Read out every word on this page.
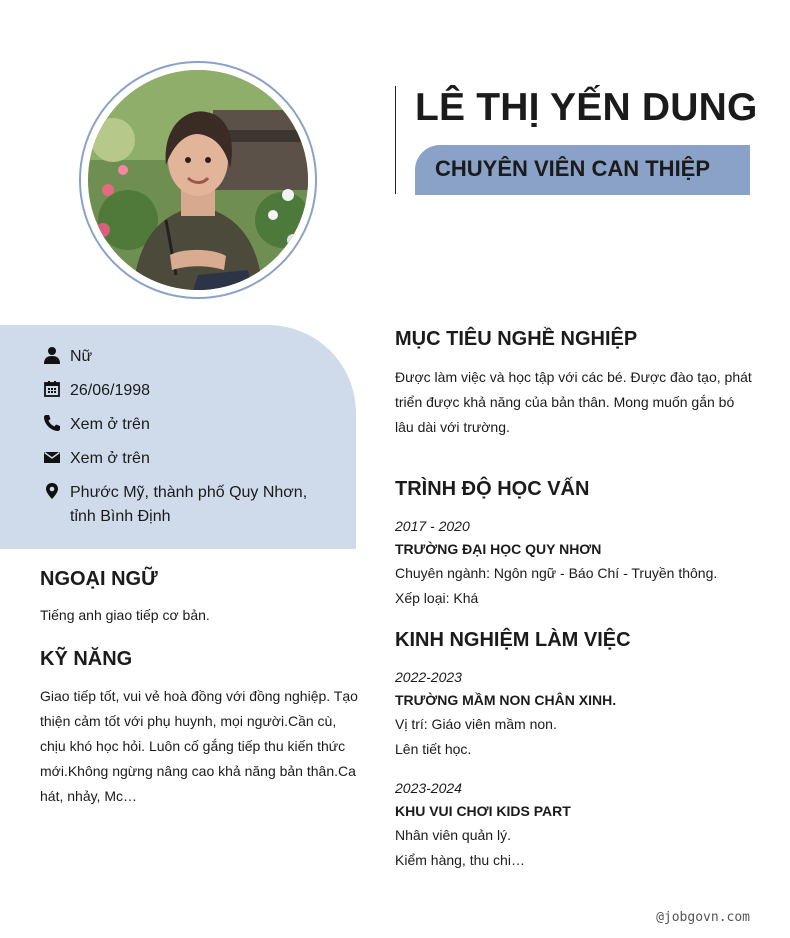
LÊ THỊ YẾN DUNG
CHUYÊN VIÊN CAN THIỆP
Nữ
26/06/1998
Xem ở trên
Xem ở trên
Phước Mỹ, thành phố Quy Nhơn,
tỉnh Bình Định
NGOẠI NGỮ

Tiếng anh giao tiếp cơ bản.

KỸ NĂNG
Giao tiếp tốt, vui vẻ hoà đồng với đồng nghiệp. Tạo
thiện cảm tốt với phụ huynh, mọi người.Cần cù,
chịu khó học hỏi. Luôn cố gắng tiếp thu kiến thức
mới.Không ngừng nâng cao khả năng bản thân.Ca
hát, nhảy, Mc…
MỤC TIÊU NGHỀ NGHIỆP
Được làm việc và học tập với các bé. Được đào tạo, phát
triển được khả năng của bản thân. Mong muốn gắn bó
lâu dài với trường.
TRÌNH ĐỘ HỌC VẤN
2017 - 2020
TRƯỜNG ĐẠI HỌC QUY NHƠN
Chuyên ngành: Ngôn ngữ - Báo Chí - Truyền thông.
Xếp loại: Khá
KINH NGHIỆM LÀM VIỆC
2022-2023
TRƯỜNG MẦM NON CHÂN XINH.
Vị trí: Giáo viên mầm non.
Lên tiết học.
2023-2024
KHU VUI CHƠI KIDS PART
Nhân viên quản lý.
Kiểm hàng, thu chi…
@jobgovn.com
